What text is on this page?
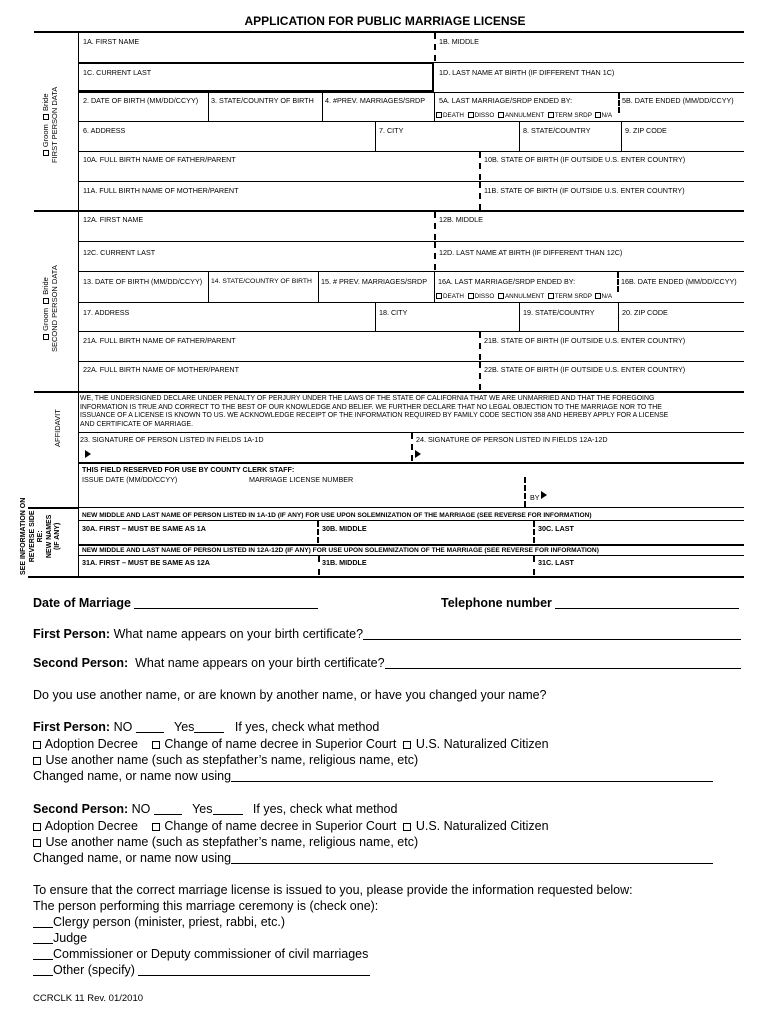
APPLICATION FOR PUBLIC MARRIAGE LICENSE
1A. FIRST NAME	1B. MIDDLE
1C. CURRENT LAST	1D. LAST NAME AT BIRTH (IF DIFFERENT THAN 1C)
2. DATE OF BIRTH (MM/DD/CCYY) 3. STATE/COUNTRY OF BIRTH 4. #PREV. MARRIAGES/SRDP 5A. LAST MARRIAGE/SRDP ENDED BY:	5B. DATE ENDED (MM/DD/CCYY)
DEATH DISSO ANNULMENT TERM SRDP N/A
6. ADDRESS	7. CITY	8. STATE/COUNTRY	9. ZIP CODE
10A. FULL BIRTH NAME OF FATHER/PARENT	10B. STATE OF BIRTH (IF OUTSIDE U.S. ENTER COUNTRY)
11A. FULL BIRTH NAME OF MOTHER/PARENT	11B. STATE OF BIRTH (IF OUTSIDE U.S. ENTER COUNTRY)
Groom   Bride FIRST PERSON DATA
12A. FIRST NAME	12B. MIDDLE
12C. CURRENT LAST	12D. LAST NAME AT BIRTH (IF DIFFERENT THAN 12C)
13. DATE OF BIRTH (MM/DD/CCYY) 14. STATE/COUNTRY OF BIRTH 15. # PREV. MARRIAGES/SRDP 16A. LAST MARRIAGE/SRDP ENDED BY:	16B. DATE ENDED (MM/DD/CCYY)
DEATH DISSO ANNULMENT TERM SRDP N/A
17. ADDRESS	18. CITY	19. STATE/COUNTRY	20. ZIP CODE
21A. FULL BIRTH NAME OF FATHER/PARENT	21B. STATE OF BIRTH (IF OUTSIDE U.S. ENTER COUNTRY)
22A. FULL BIRTH NAME OF MOTHER/PARENT	22B. STATE OF BIRTH (IF OUTSIDE U.S. ENTER COUNTRY)
Groom   Bride SECOND PERSON DATA
WE, THE UNDERSIGNED DECLARE UNDER PENALTY OF PERJURY UNDER THE LAWS OF THE STATE OF CALIFORNIA THAT WE ARE UNMARRIED AND THAT THE FOREGOING
INFORMATION IS TRUE AND CORRECT TO THE BEST OF OUR KNOWLEDGE AND BELIEF. WE FURTHER DECLARE THAT NO LEGAL OBJECTION TO THE MARRIAGE NOR TO THE
ISSUANCE OF A LICENSE IS KNOWN TO US. WE ACKNOWLEDGE RECEIPT OF THE INFORMATION REQUIRED BY FAMILY CODE SECTION 358 AND HEREBY APPLY FOR A LICENSE
AND CERTIFICATE OF MARRIAGE.
23. SIGNATURE OF PERSON LISTED IN FIELDS 1A-1D	24. SIGNATURE OF PERSON LISTED IN FIELDS 12A-12D
AFFIDAVIT
THIS FIELD RESERVED FOR USE BY COUNTY CLERK STAFF:
ISSUE DATE (MM/DD/CCYY)	MARRIAGE LICENSE NUMBER
BY
NEW MIDDLE AND LAST NAME OF PERSON LISTED IN 1A-1D (IF ANY) FOR USE UPON SOLEMNIZATION OF THE MARRIAGE (SEE REVERSE FOR INFORMATION)
30A. FIRST – MUST BE SAME AS 1A	30B. MIDDLE	30C. LAST
NEW MIDDLE AND LAST NAME OF PERSON LISTED IN 12A-12D (IF ANY) FOR USE UPON SOLEMNIZATION OF THE MARRIAGE (SEE REVERSE FOR INFORMATION)
31A. FIRST – MUST BE SAME AS 12A	31B. MIDDLE	31C. LAST
SEE INFORMATION ON REVERSE SIDE RE: NEW NAMES (IF ANY)
Date of Marriage	Telephone number
First Person: What name appears on your birth certificate?
Second Person: What name appears on your birth certificate?
Do you use another name, or are known by another name, or have you changed your name?
First Person: NO	Yes	If yes, check what method
Adoption Decree Change of name decree in Superior Court U.S. Naturalized Citizen
Use another name (such as stepfather’s name, religious name, etc)
Changed name, or name now using
Second Person: NO	Yes	If yes, check what method
Adoption Decree Change of name decree in Superior Court U.S. Naturalized Citizen
Use another name (such as stepfather’s name, religious name, etc)
Changed name, or name now using
To ensure that the correct marriage license is issued to you, please provide the information requested below:
The person performing this marriage ceremony is (check one):
Clergy person (minister, priest, rabbi, etc.)
Judge
Commissioner or Deputy commissioner of civil marriages
Other (specify)
CCRCLK 11 Rev. 01/2010
